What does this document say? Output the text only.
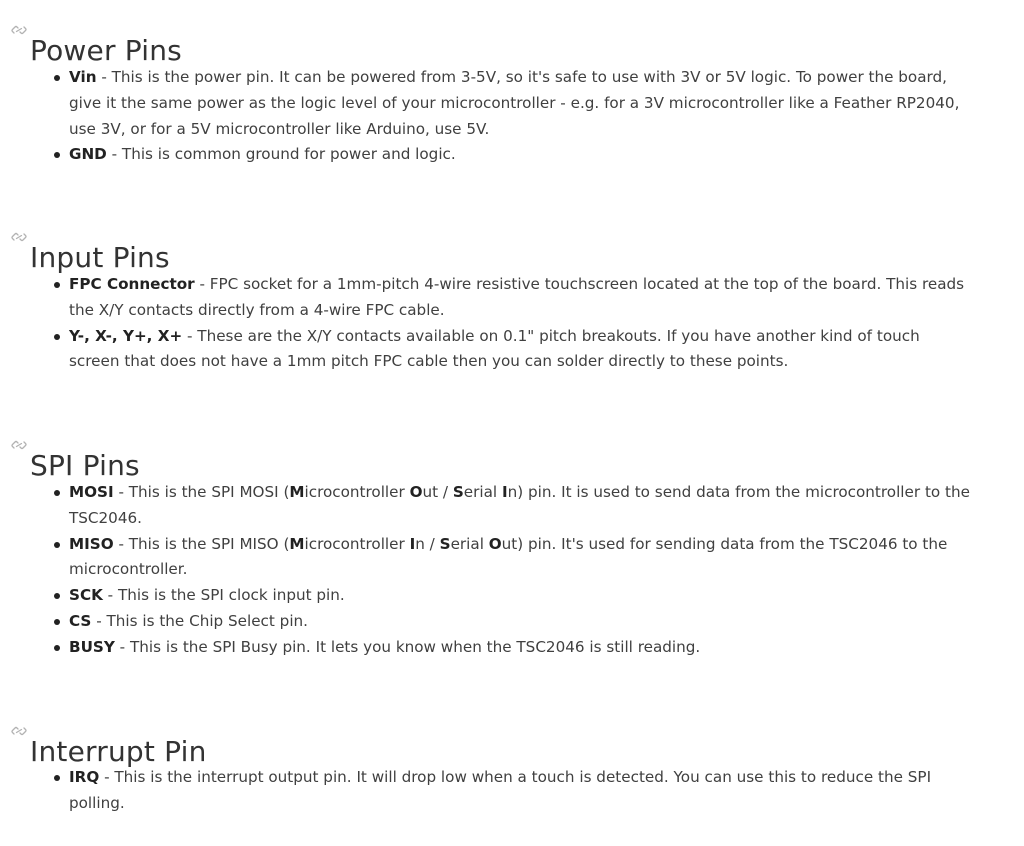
Power Pins
Vin - This is the power pin. It can be powered from 3-5V, so it's safe to use with 3V or 5V logic. To power the board, give it the same power as the logic level of your microcontroller - e.g. for a 3V microcontroller like a Feather RP2040, use 3V, or for a 5V microcontroller like Arduino, use 5V.
GND - This is common ground for power and logic.
Input Pins
FPC Connector - FPC socket for a 1mm-pitch 4-wire resistive touchscreen located at the top of the board. This reads the X/Y contacts directly from a 4-wire FPC cable.
Y-, X-, Y+, X+ - These are the X/Y contacts available on 0.1" pitch breakouts. If you have another kind of touch screen that does not have a 1mm pitch FPC cable then you can solder directly to these points.
SPI Pins
MOSI - This is the SPI MOSI (Microcontroller Out / Serial In) pin. It is used to send data from the microcontroller to the TSC2046.
MISO - This is the SPI MISO (Microcontroller In / Serial Out) pin. It's used for sending data from the TSC2046 to the microcontroller.
SCK - This is the SPI clock input pin.
CS - This is the Chip Select pin.
BUSY - This is the SPI Busy pin. It lets you know when the TSC2046 is still reading.
Interrupt Pin
IRQ - This is the interrupt output pin. It will drop low when a touch is detected. You can use this to reduce the SPI polling.
